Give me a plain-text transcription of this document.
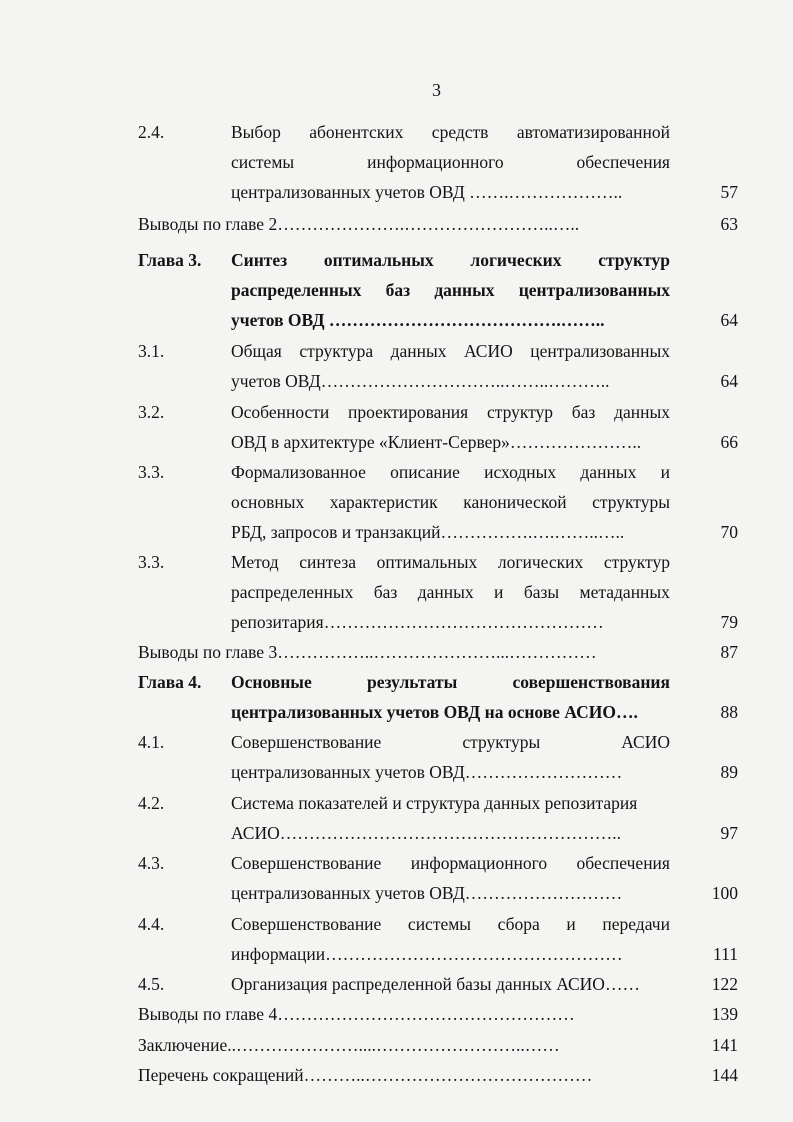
3
2.4.	Выбор абонентских средств автоматизированной
системы	информационного	обеспечения
централизованных учетов ОВД …….………………..	57
Выводы по главе 2………………….……………………..…..	63
Глава 3.	Синтез оптимальных логических структур
распределенных баз данных централизованных
учетов ОВД ………………………………….……..	64
3.1.	Общая структура данных АСИО централизованных
учетов ОВД…………………………..……..………..	64
3.2.	Особенности проектирования структур баз данных
ОВД в архитектуре «Клиент-Сервер»…………………..	66
3.3.	Формализованное описание исходных данных и
основных характеристик канонической структуры
РБД, запросов и транзакций…………….….……..…..	70
3.3.	Метод синтеза оптимальных логических структур
распределенных баз данных и базы метаданных
репозитария…………………………………………	79
Выводы по главе 3……………..…………………...……………	87
Глава 4.	Основные	результаты	совершенствования
централизованных учетов ОВД на основе АСИО….	88
4.1.	Совершенствование	структуры	АСИО
централизованных учетов ОВД………………………	89
4.2.	Система показателей и структура данных репозитария
АСИО…………………………………………………..	97
4.3.	Совершенствование информационного обеспечения
централизованных учетов ОВД………………………	100
4.4.	Совершенствование системы сбора и передачи
информации……………………………………………	111
4.5.	Организация распределенной базы данных АСИО……	122
Выводы по главе 4……………………………………………	139
Заключение..…………………....……………………..……	141
Перечень сокращений………..…………………………………	144
